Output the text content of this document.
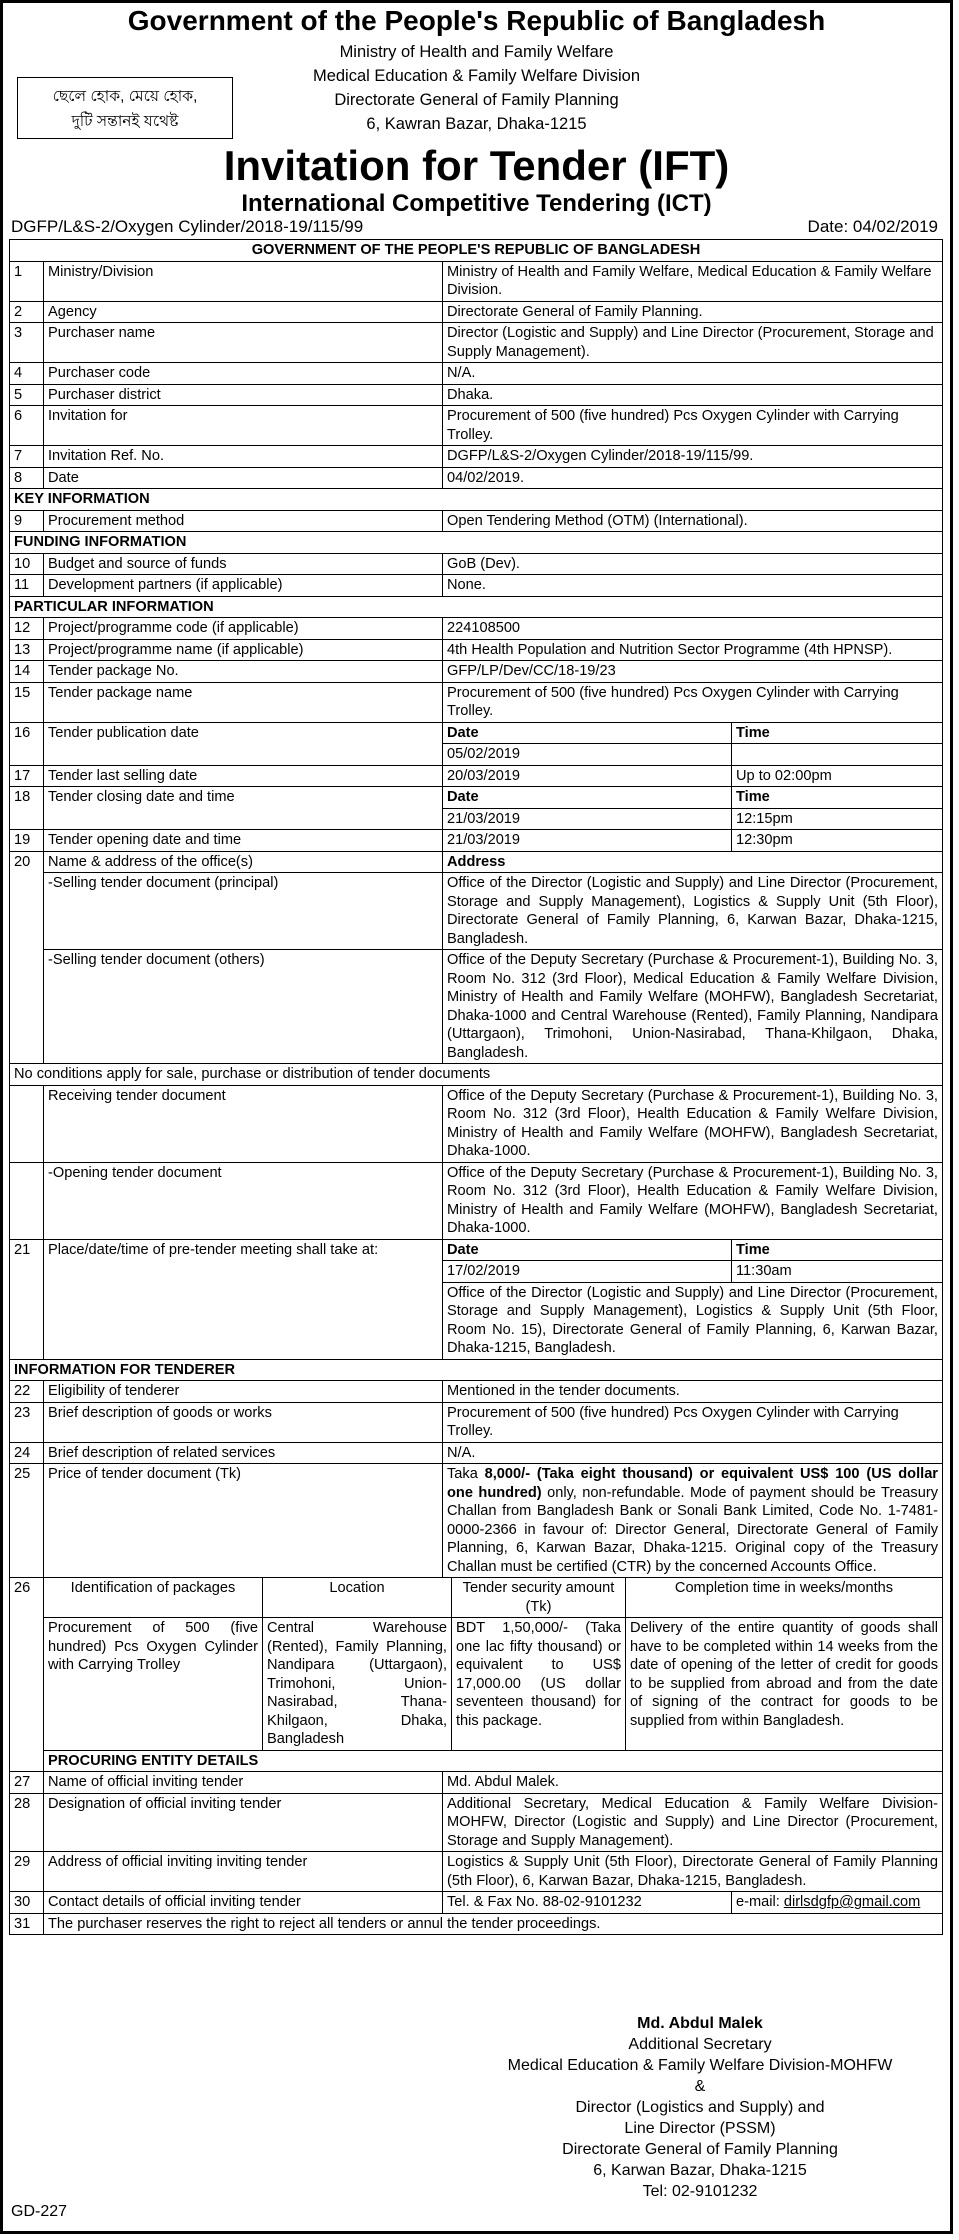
Government of the People's Republic of Bangladesh
Ministry of Health and Family Welfare
Medical Education & Family Welfare Division
Directorate General of Family Planning
6, Kawran Bazar, Dhaka-1215
ছেলে হোক, মেয়ে হোক,
দুটি সন্তানই যথেষ্ট
Invitation for Tender (IFT)
International Competitive Tendering (ICT)
DGFP/L&S-2/Oxygen Cylinder/2018-19/115/99	Date: 04/02/2019
GOVERNMENT OF THE PEOPLE'S REPUBLIC OF BANGLADESH
1	Ministry/Division	Ministry of Health and Family Welfare, Medical Education & Family Welfare Division.
2	Agency	Directorate General of Family Planning.
3	Purchaser name	Director (Logistic and Supply) and Line Director (Procurement, Storage and Supply Management).
4	Purchaser code	N/A.
5	Purchaser district	Dhaka.
6	Invitation for	Procurement of 500 (five hundred) Pcs Oxygen Cylinder with Carrying Trolley.
7	Invitation Ref. No.	DGFP/L&S-2/Oxygen Cylinder/2018-19/115/99.
8	Date	04/02/2019.
KEY INFORMATION
9	Procurement method	Open Tendering Method (OTM) (International).
FUNDING INFORMATION
10	Budget and source of funds	GoB (Dev).
11	Development partners (if applicable)	None.
PARTICULAR INFORMATION
12	Project/programme code (if applicable)	224108500
13	Project/programme name (if applicable)	4th Health Population and Nutrition Sector Programme (4th HPNSP).
14	Tender package No.	GFP/LP/Dev/CC/18-19/23
15	Tender package name	Procurement of 500 (five hundred) Pcs Oxygen Cylinder with Carrying Trolley.
16	Tender publication date	Date	Time
05/02/2019	
17	Tender last selling date	20/03/2019	Up to 02:00pm
18	Tender closing date and time	Date	Time
21/03/2019	12:15pm
19	Tender opening date and time	21/03/2019	12:30pm
20	Name & address of the office(s)	Address
-Selling tender document (principal)	Office of the Director (Logistic and Supply) and Line Director (Procurement, Storage and Supply Management), Logistics & Supply Unit (5th Floor), Directorate General of Family Planning, 6, Karwan Bazar, Dhaka-1215, Bangladesh.
-Selling tender document (others)	Office of the Deputy Secretary (Purchase & Procurement-1), Building No. 3, Room No. 312 (3rd Floor), Medical Education & Family Welfare Division, Ministry of Health and Family Welfare (MOHFW), Bangladesh Secretariat, Dhaka-1000 and Central Warehouse (Rented), Family Planning, Nandipara (Uttargaon), Trimohoni, Union-Nasirabad, Thana-Khilgaon, Dhaka, Bangladesh.
No conditions apply for sale, purchase or distribution of tender documents
	Receiving tender document	Office of the Deputy Secretary (Purchase & Procurement-1), Building No. 3, Room No. 312 (3rd Floor), Health Education & Family Welfare Division, Ministry of Health and Family Welfare (MOHFW), Bangladesh Secretariat, Dhaka-1000.
	-Opening tender document	Office of the Deputy Secretary (Purchase & Procurement-1), Building No. 3, Room No. 312 (3rd Floor), Health Education & Family Welfare Division, Ministry of Health and Family Welfare (MOHFW), Bangladesh Secretariat, Dhaka-1000.
21	Place/date/time of pre-tender meeting shall take at:	Date	Time
17/02/2019	11:30am
Office of the Director (Logistic and Supply) and Line Director (Procurement, Storage and Supply Management), Logistics & Supply Unit (5th Floor, Room No. 15), Directorate General of Family Planning, 6, Karwan Bazar, Dhaka-1215, Bangladesh.
INFORMATION FOR TENDERER
22	Eligibility of tenderer	Mentioned in the tender documents.
23	Brief description of goods or works	Procurement of 500 (five hundred) Pcs Oxygen Cylinder with Carrying Trolley.
24	Brief description of related services	N/A.
25	Price of tender document (Tk)	Taka 8,000/- (Taka eight thousand) or equivalent US$ 100 (US dollar one hundred) only, non-refundable. Mode of payment should be Treasury Challan from Bangladesh Bank or Sonali Bank Limited, Code No. 1-7481-0000-2366 in favour of: Director General, Directorate General of Family Planning, 6, Karwan Bazar, Dhaka-1215. Original copy of the Treasury Challan must be certified (CTR) by the concerned Accounts Office.
26		Identification of packages	Location	Tender security amount (Tk)	Completion time in weeks/months
Procurement of 500 (five hundred) Pcs Oxygen Cylinder with Carrying Trolley	Central Warehouse (Rented), Family Planning, Nandipara (Uttargaon), Trimohoni, Union-Nasirabad, Thana-Khilgaon, Dhaka, Bangladesh	BDT 1,50,000/- (Taka one lac fifty thousand) or equivalent to US$ 17,000.00 (US dollar seventeen thousand) for this package.	Delivery of the entire quantity of goods shall have to be completed within 14 weeks from the date of opening of the letter of credit for goods to be supplied from abroad and from the date of signing of the contract for goods to be supplied from within Bangladesh.

PROCURING ENTITY DETAILS
27	Name of official inviting tender	Md. Abdul Malek.
28	Designation of official inviting tender	Additional Secretary, Medical Education & Family Welfare Division-MOHFW, Director (Logistic and Supply) and Line Director (Procurement, Storage and Supply Management).
29	Address of official inviting inviting tender	Logistics & Supply Unit (5th Floor), Directorate General of Family Planning (5th Floor), 6, Karwan Bazar, Dhaka-1215, Bangladesh.
30	Contact details of official inviting tender	Tel. & Fax No. 88-02-9101232	e-mail: dirlsdgfp@gmail.com
31	The purchaser reserves the right to reject all tenders or annul the tender proceedings.
Md. Abdul Malek
Additional Secretary
Medical Education & Family Welfare Division-MOHFW
&
Director (Logistics and Supply) and
Line Director (PSSM)
Directorate General of Family Planning
6, Karwan Bazar, Dhaka-1215
Tel: 02-9101232
GD-227
